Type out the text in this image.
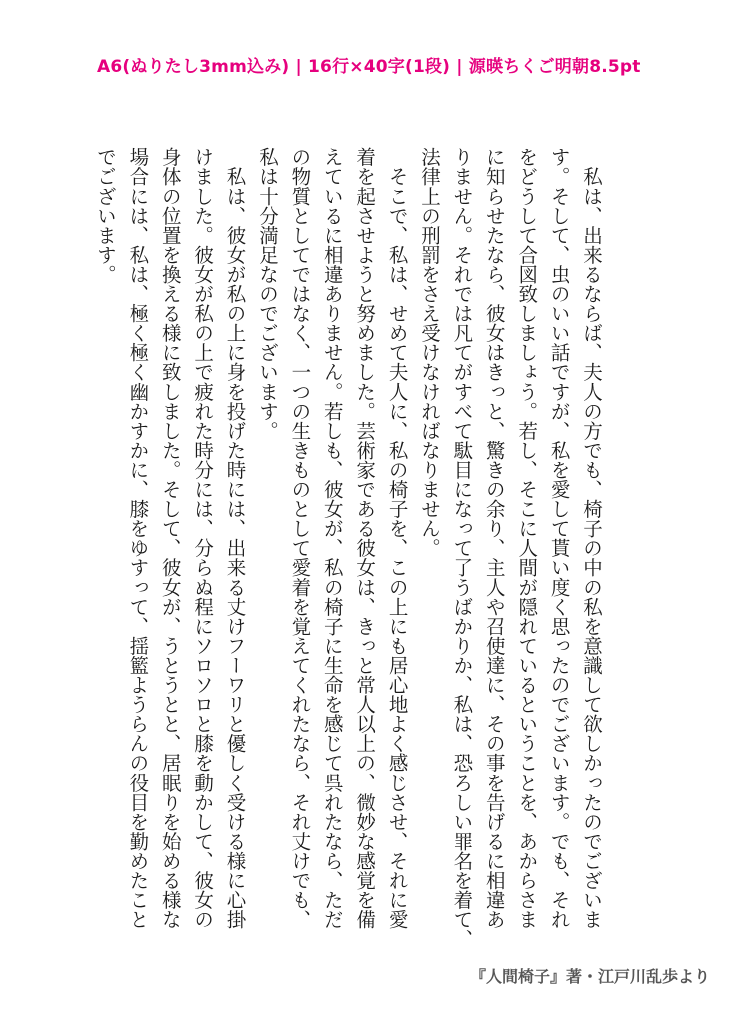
A6(ぬりたし3mm込み) | 16行×40字(1段) | 源暎ちくご明朝8.5pt
　私は、出来るならば、夫人の方でも、椅子の中の私を意識して欲しかったのでございま
す。そして、虫のいい話ですが、私を愛して貰い度く思ったのでございます。でも、それ
をどうして合図致しましょう。若し、そこに人間が隠れているということを、あからさま
に知らせたなら、彼女はきっと、驚きの余り、主人や召使達に、その事を告げるに相違あ
りません。それでは凡てがすべて駄目になって了うばかりか、私は、恐ろしい罪名を着て、
法律上の刑罰をさえ受けなければなりません。
　そこで、私は、せめて夫人に、私の椅子を、この上にも居心地よく感じさせ、それに愛
着を起させようと努めました。芸術家である彼女は、きっと常人以上の、微妙な感覚を備
えているに相違ありません。若しも、彼女が、私の椅子に生命を感じて呉れたなら、ただ
の物質としてではなく、一つの生きものとして愛着を覚えてくれたなら、それ丈けでも、
私は十分満足なのでございます。
　私は、彼女が私の上に身を投げた時には、出来る丈けフーワリと優しく受ける様に心掛
けました。彼女が私の上で疲れた時分には、分らぬ程にソロソロと膝を動かして、彼女の
身体の位置を換える様に致しました。そして、彼女が、うとうとと、居眠りを始める様な
場合には、私は、極く極く幽かすかに、膝をゆすって、揺籃ようらんの役目を勤めたこと
でございます。
『人間椅子』著・江戸川乱歩より
